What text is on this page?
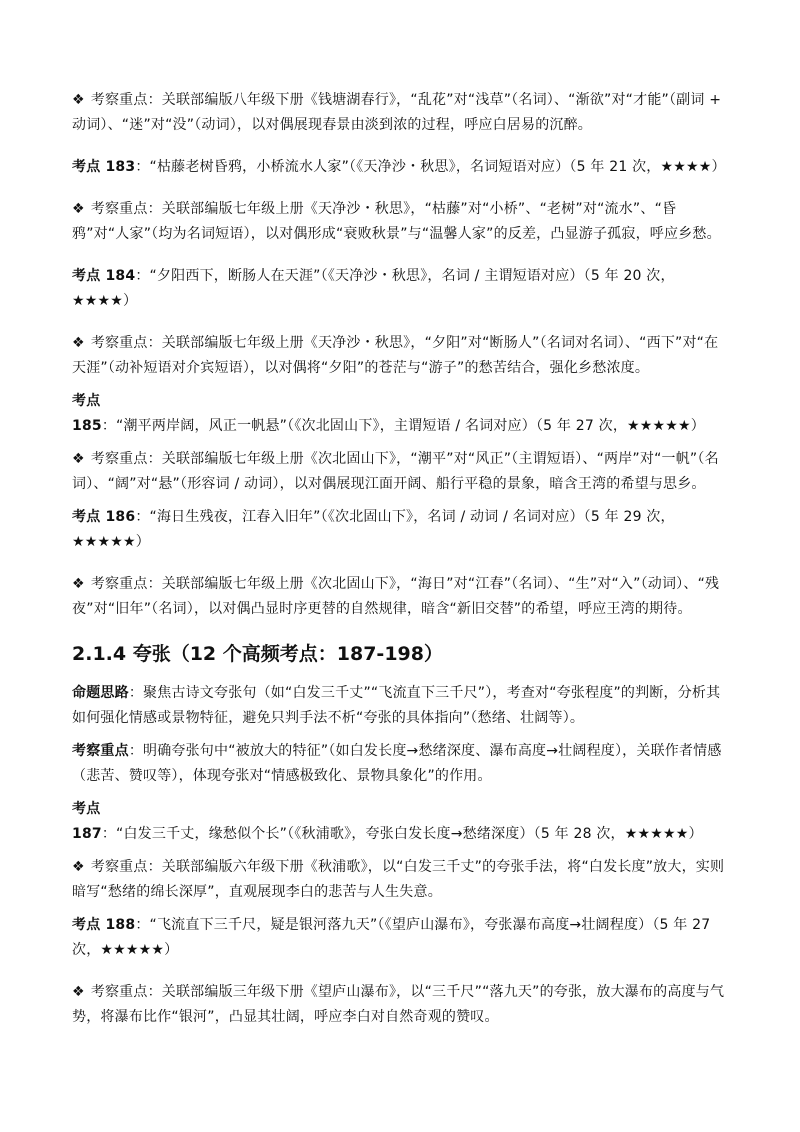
❖ 考察重点：关联部编版八年级下册《钱塘湖春行》，“乱花”对“浅草”（名词）、“渐欲”对“才能”（副词 + 动词）、“迷”对“没”（动词），以对偶展现春景由淡到浓的过程，呼应白居易的沉醉。

考点 183：“枯藤老树昏鸦，小桥流水人家”（《天净沙・秋思》，名词短语对应）（5 年 21 次，★★★★）

❖ 考察重点：关联部编版七年级上册《天净沙・秋思》，“枯藤”对“小桥”、“老树”对“流水”、“昏鸦”对“人家”（均为名词短语），以对偶形成“衰败秋景”与“温馨人家”的反差，凸显游子孤寂，呼应乡愁。

考点 184：“夕阳西下，断肠人在天涯”（《天净沙・秋思》，名词 / 主谓短语对应）（5 年 20 次，★★★★）

❖ 考察重点：关联部编版七年级上册《天净沙・秋思》，“夕阳”对“断肠人”（名词对名词）、“西下”对“在天涯”（动补短语对介宾短语），以对偶将“夕阳”的苍茫与“游子”的愁苦结合，强化乡愁浓度。

考点 185：“潮平两岸阔，风正一帆悬”（《次北固山下》，主谓短语 / 名词对应）（5 年 27 次，★★★★★）

❖ 考察重点：关联部编版七年级上册《次北固山下》，“潮平”对“风正”（主谓短语）、“两岸”对“一帆”（名词）、“阔”对“悬”（形容词 / 动词），以对偶展现江面开阔、船行平稳的景象，暗含王湾的希望与思乡。

考点 186：“海日生残夜，江春入旧年”（《次北固山下》，名词 / 动词 / 名词对应）（5 年 29 次，★★★★★）

❖ 考察重点：关联部编版七年级上册《次北固山下》，“海日”对“江春”（名词）、“生”对“入”（动词）、“残夜”对“旧年”（名词），以对偶凸显时序更替的自然规律，暗含“新旧交替”的希望，呼应王湾的期待。

2.1.4 夸张（12 个高频考点：187-198）

命题思路：聚焦古诗文夸张句（如“白发三千丈”“飞流直下三千尺”），考查对“夸张程度”的判断，分析其如何强化情感或景物特征，避免只判手法不析“夸张的具体指向”（愁绪、壮阔等）。

考察重点：明确夸张句中“被放大的特征”（如白发长度→愁绪深度、瀑布高度→壮阔程度），关联作者情感（悲苦、赞叹等），体现夸张对“情感极致化、景物具象化”的作用。

考点 187：“白发三千丈，缘愁似个长”（《秋浦歌》，夸张白发长度→愁绪深度）（5 年 28 次，★★★★★）

❖ 考察重点：关联部编版六年级下册《秋浦歌》，以“白发三千丈”的夸张手法，将“白发长度”放大，实则暗写“愁绪的绵长深厚”，直观展现李白的悲苦与人生失意。

考点 188：“飞流直下三千尺，疑是银河落九天”（《望庐山瀑布》，夸张瀑布高度→壮阔程度）（5 年 27 次，★★★★★）

❖ 考察重点：关联部编版三年级下册《望庐山瀑布》，以“三千尺”“落九天”的夸张，放大瀑布的高度与气势，将瀑布比作“银河”，凸显其壮阔，呼应李白对自然奇观的赞叹。
